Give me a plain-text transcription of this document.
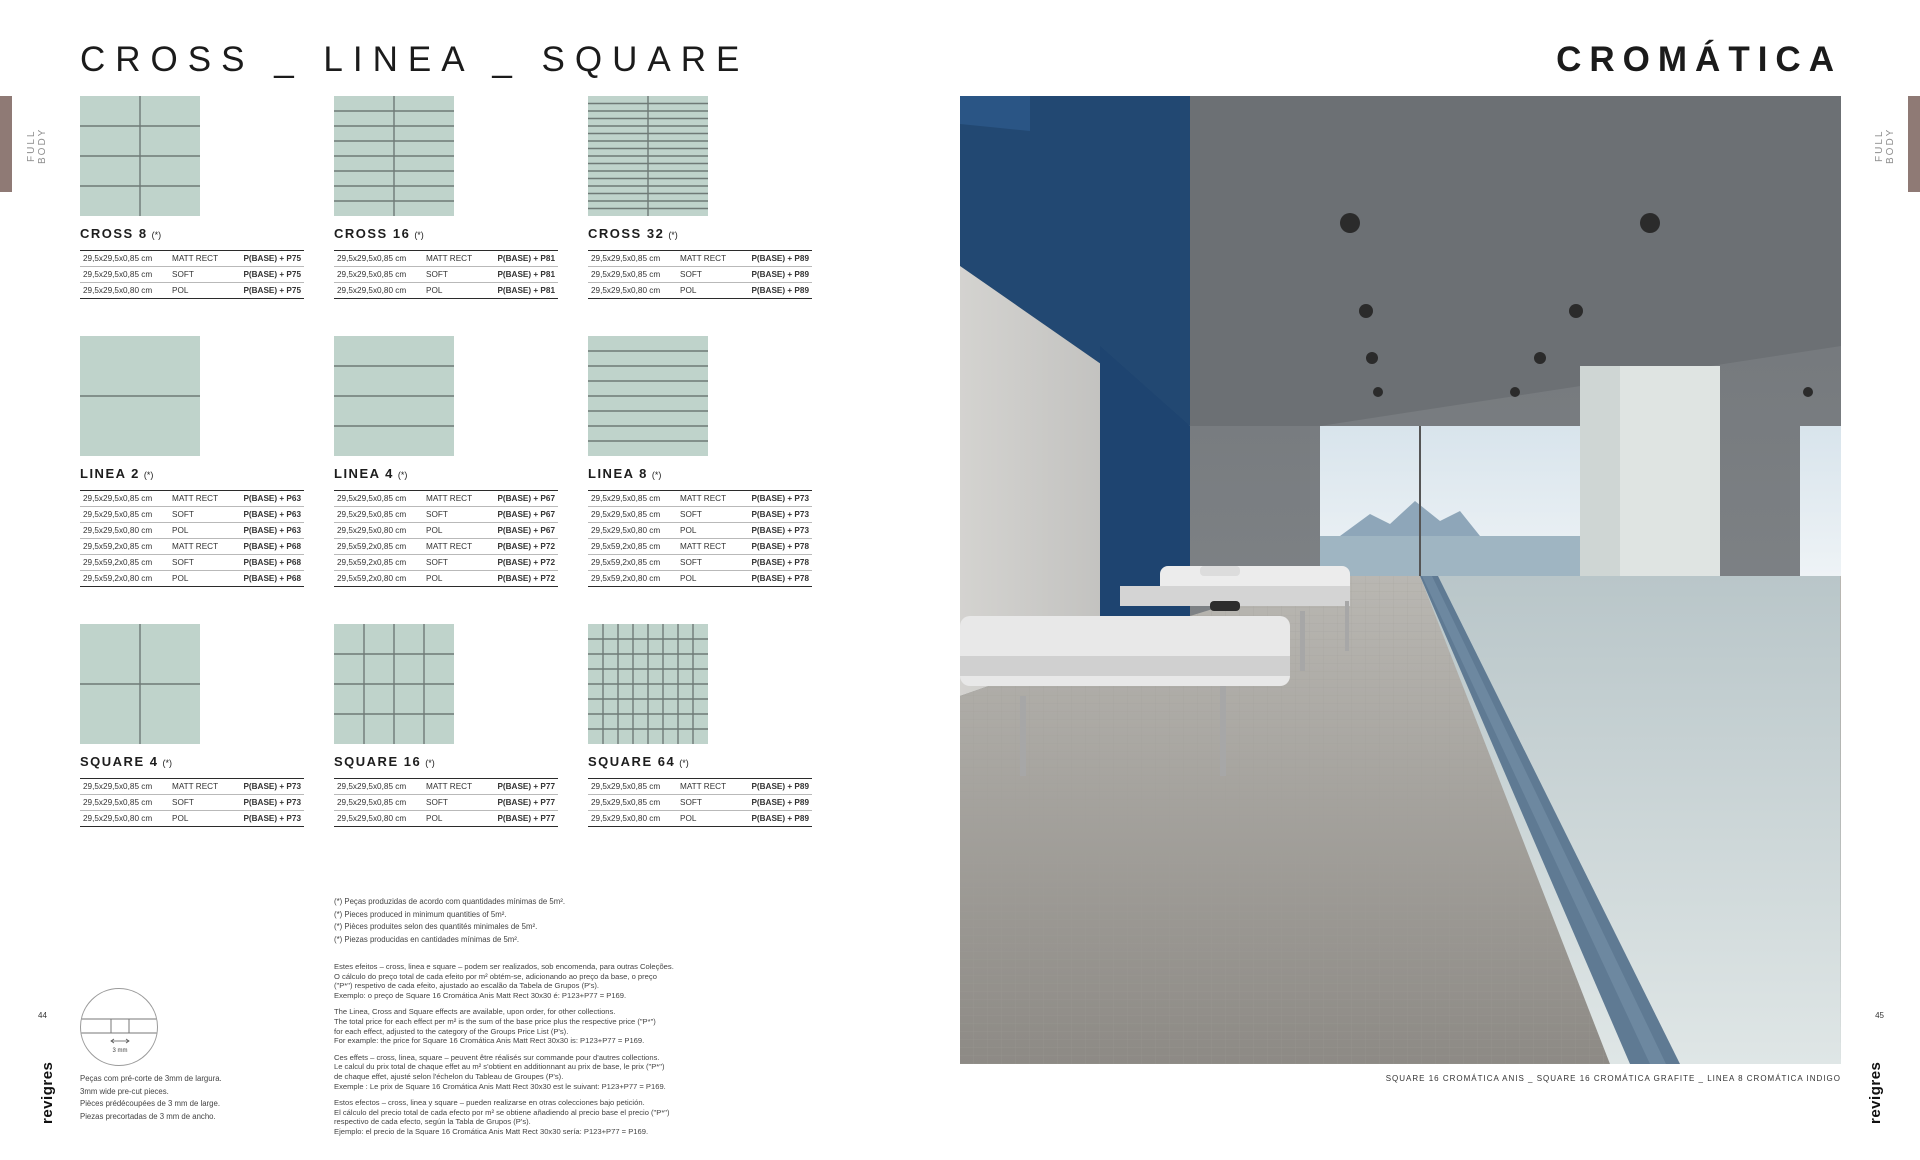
CROSS _ LINEA _ SQUARE	CROMÁTICA
FULL BODY	FULL BODY
CROSS 8 (*)
29,5x29,5x0,85 cm	MATT RECT	P(BASE) + P75
29,5x29,5x0,85 cm	SOFT	P(BASE) + P75
29,5x29,5x0,80 cm	POL	P(BASE) + P75
CROSS 16 (*)
29,5x29,5x0,85 cm	MATT RECT	P(BASE) + P81
29,5x29,5x0,85 cm	SOFT	P(BASE) + P81
29,5x29,5x0,80 cm	POL	P(BASE) + P81
CROSS 32 (*)
29,5x29,5x0,85 cm	MATT RECT	P(BASE) + P89
29,5x29,5x0,85 cm	SOFT	P(BASE) + P89
29,5x29,5x0,80 cm	POL	P(BASE) + P89
LINEA 2 (*)
29,5x29,5x0,85 cm	MATT RECT	P(BASE) + P63
29,5x29,5x0,85 cm	SOFT	P(BASE) + P63
29,5x29,5x0,80 cm	POL	P(BASE) + P63
29,5x59,2x0,85 cm	MATT RECT	P(BASE) + P68
29,5x59,2x0,85 cm	SOFT	P(BASE) + P68
29,5x59,2x0,80 cm	POL	P(BASE) + P68
LINEA 4 (*)
29,5x29,5x0,85 cm	MATT RECT	P(BASE) + P67
29,5x29,5x0,85 cm	SOFT	P(BASE) + P67
29,5x29,5x0,80 cm	POL	P(BASE) + P67
29,5x59,2x0,85 cm	MATT RECT	P(BASE) + P72
29,5x59,2x0,85 cm	SOFT	P(BASE) + P72
29,5x59,2x0,80 cm	POL	P(BASE) + P72
LINEA 8 (*)
29,5x29,5x0,85 cm	MATT RECT	P(BASE) + P73
29,5x29,5x0,85 cm	SOFT	P(BASE) + P73
29,5x29,5x0,80 cm	POL	P(BASE) + P73
29,5x59,2x0,85 cm	MATT RECT	P(BASE) + P78
29,5x59,2x0,85 cm	SOFT	P(BASE) + P78
29,5x59,2x0,80 cm	POL	P(BASE) + P78
SQUARE 4 (*)
29,5x29,5x0,85 cm	MATT RECT	P(BASE) + P73
29,5x29,5x0,85 cm	SOFT	P(BASE) + P73
29,5x29,5x0,80 cm	POL	P(BASE) + P73
SQUARE 16 (*)
29,5x29,5x0,85 cm	MATT RECT	P(BASE) + P77
29,5x29,5x0,85 cm	SOFT	P(BASE) + P77
29,5x29,5x0,80 cm	POL	P(BASE) + P77
SQUARE 64 (*)
29,5x29,5x0,85 cm	MATT RECT	P(BASE) + P89
29,5x29,5x0,85 cm	SOFT	P(BASE) + P89
29,5x29,5x0,80 cm	POL	P(BASE) + P89

(*) Peças produzidas de acordo com quantidades mínimas de 5m².

(*) Pieces produced in minimum quantities of 5m².

(*) Pièces produites selon des quantités minimales de 5m².

(*) Piezas producidas en cantidades mínimas de 5m².

Estes efeitos – cross, linea e square – podem ser realizados, sob encomenda, para outras Coleções.

O cálculo do preço total de cada efeito por m² obtém-se, adicionando ao preço da base, o preço

("P*") respetivo de cada efeito, ajustado ao escalão da Tabela de Grupos (P's).

Exemplo: o preço de Square 16 Cromática Anis Matt Rect 30x30 é: P123+P77 = P169.

The Linea, Cross and Square effects are available, upon order, for other collections.

The total price for each effect per m² is the sum of the base price plus the respective price ("P*")

for each effect, adjusted to the category of the Groups Price List (P's).

For example: the price for Square 16 Cromática Anis Matt Rect 30x30 is: P123+P77 = P169.

Ces effets – cross, linea, square – peuvent être réalisés sur commande pour d'autres collections.

Le calcul du prix total de chaque effet au m² s'obtient en additionnant au prix de base, le prix ("P*")

de chaque effet, ajusté selon l'échelon du Tableau de Groupes (P's).

Exemple : Le prix de Square 16 Cromática Anis Matt Rect 30x30 est le suivant: P123+P77 = P169.

Estos efectos – cross, linea y square – pueden realizarse en otras colecciones bajo petición.

El cálculo del precio total de cada efecto por m² se obtiene añadiendo al precio base el precio ("P*")

respectivo de cada efecto, según la Tabla de Grupos (P's).

Ejemplo: el precio de la Square 16 Cromática Anis Matt Rect 30x30 sería: P123+P77 = P169.

3 mm

Peças com pré-corte de 3mm de largura.

3mm wide pre-cut pieces.

Pièces prédécoupées de 3 mm de large.

Piezas precortadas de 3 mm de ancho.

44	45
revigres	revigres
SQUARE 16 CROMÁTICA ANIS _ SQUARE 16 CROMÁTICA GRAFITE _ LINEA 8 CROMÁTICA INDIGO
